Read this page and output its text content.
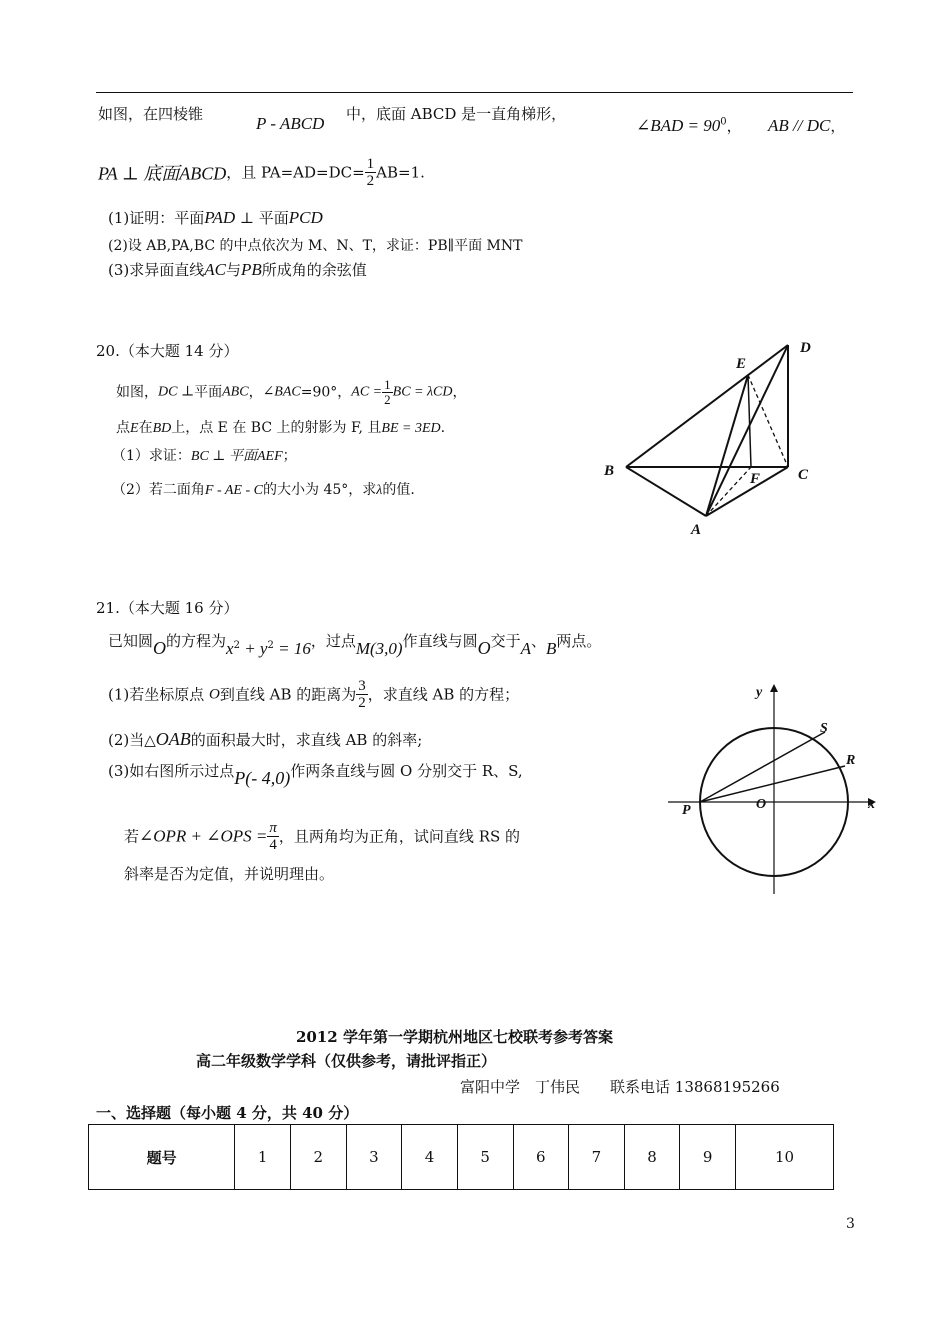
如图，在四棱锥	P - ABCD 中，底面 ABCD 是一直角梯形，
∠BAD = $90^0$， AB // DC，
PA ⊥ 底面ABCD，且 $PA=AD=DC= \frac{1}{2} AB=1$.
(1)证明：平面PAD ⊥ 平面PCD
(2)设 AB,PA,BC 的中点依次为 M、N、T，求证：PB∥平面 MNT
(3)求异面直线AC与PB所成角的余弦值
20.（本大题 14 分）
如图，DC ⊥平面ABC，∠BAC=90°，AC = $\frac{1}{2}$ BC = λCD，
点E在BD上，点 E 在 BC 上的射影为 F, 且BE = 3ED.
（1）求证：BC ⊥ 平面AEF；
（2）若二面角F - AE - C的大小为 45°，求λ的值.
E
D
B	F	C
A
21.（本大题 16 分）
已知圆O的方程为$x^2 + y^2 = 16$，过点M(3,0)作直线与圆O交于A、B两点。
(1)若坐标原点 O到直线 AB 的距离为 $\frac{3}{2}$ ，求直线 AB 的方程；
(2)当△OAB的面积最大时，求直线 AB 的斜率;
(3)如右图所示过点P(- 4,0)作两条直线与圆 O 分别交于 R、S,
若∠OPR + ∠OPS = $\frac{\pi}{4}$ ，且两角均为正角，试问直线 RS 的
斜率是否为定值，并说明理由。
y
S
R
P	O	x
2012 学年第一学期杭州地区七校联考参考答案
高二年级数学学科（仅供参考，请批评指正）
富阳中学　丁伟民　　联系电话 13868195266
一、选择题（每小题 4 分，共 40 分）
题号	1	2	3	4	5	6	7	8	9	10
3
